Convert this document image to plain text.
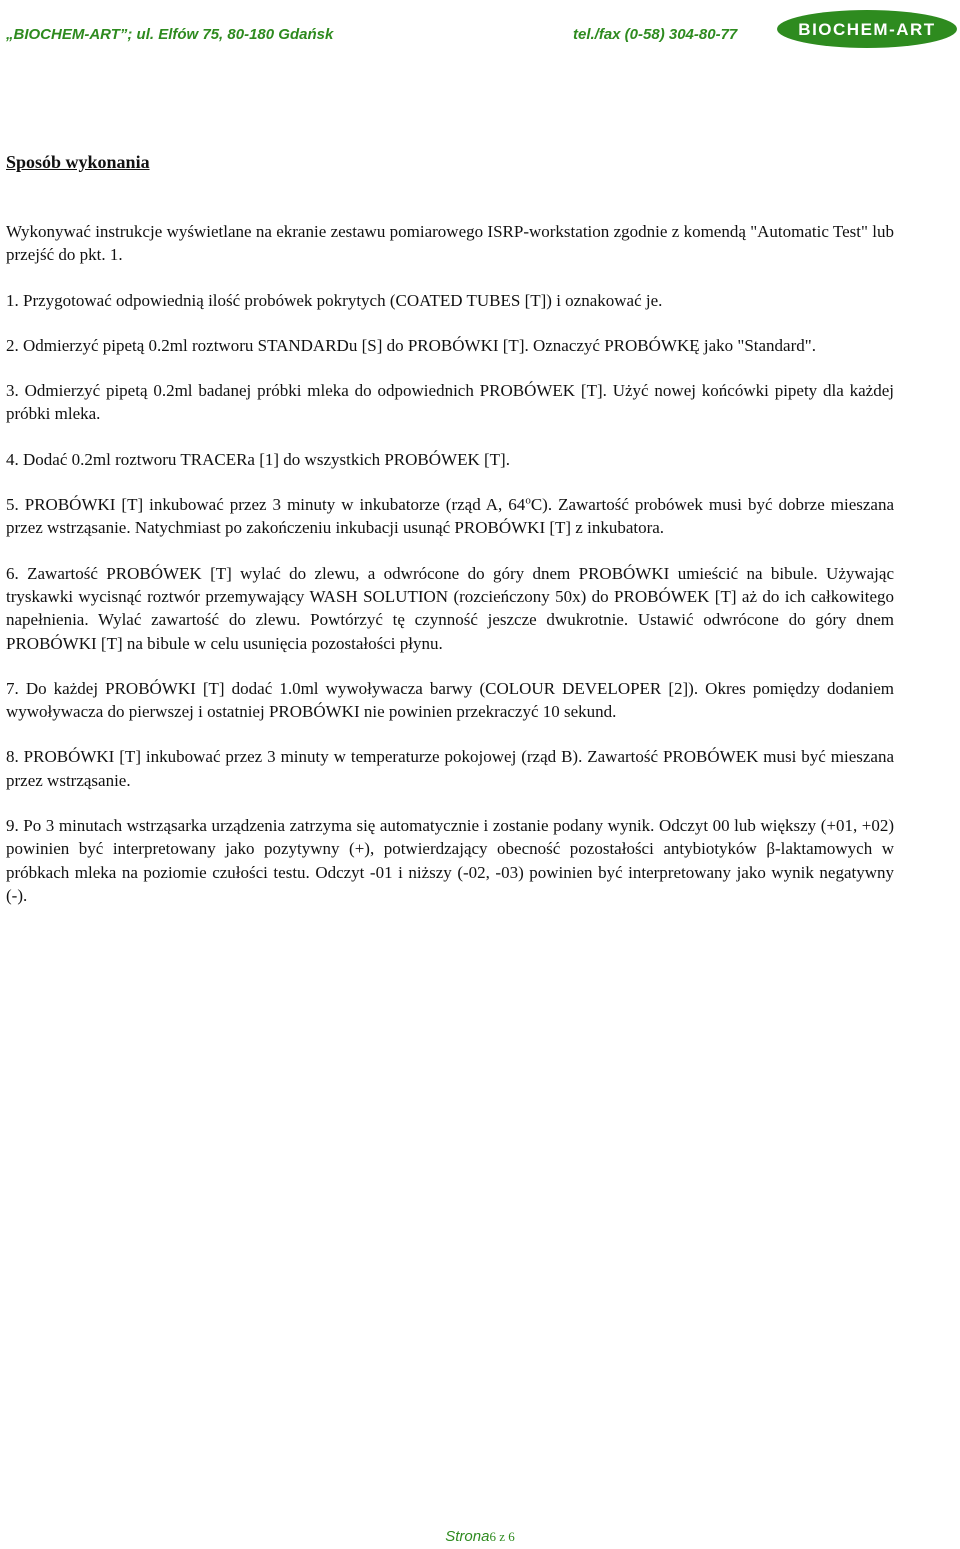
„BIOCHEM-ART”; ul. Elfów 75, 80-180 Gdańsk	tel./fax (0-58) 304-80-77	BIOCHEM-ART
Sposób wykonania

Wykonywać instrukcje wyświetlane na ekranie zestawu pomiarowego ISRP-workstation zgodnie z komendą "Automatic Test" lub przejść do pkt. 1.

1. Przygotować odpowiednią ilość probówek pokrytych (COATED TUBES [T]) i oznakować je.

2. Odmierzyć pipetą 0.2ml roztworu STANDARDu [S] do PROBÓWKI [T]. Oznaczyć PROBÓWKĘ jako "Standard".

3. Odmierzyć pipetą 0.2ml badanej próbki mleka do odpowiednich PROBÓWEK [T]. Użyć nowej końcówki pipety dla każdej próbki mleka.

4. Dodać 0.2ml roztworu TRACERa [1] do wszystkich PROBÓWEK [T].

5. PROBÓWKI [T] inkubować przez 3 minuty w inkubatorze (rząd A, 64$^o$C). Zawartość probówek musi być dobrze mieszana przez wstrząsanie. Natychmiast po zakończeniu inkubacji usunąć PROBÓWKI [T] z inkubatora.

6. Zawartość PROBÓWEK [T] wylać do zlewu, a odwrócone do góry dnem PROBÓWKI umieścić na bibule. Używając tryskawki wycisnąć roztwór przemywający WASH SOLUTION (rozcieńczony 50x) do PROBÓWEK [T] aż do ich całkowitego napełnienia. Wylać zawartość do zlewu. Powtórzyć tę czynność jeszcze dwukrotnie. Ustawić odwrócone do góry dnem PROBÓWKI [T] na bibule w celu usunięcia pozostałości płynu.

7. Do każdej PROBÓWKI [T] dodać 1.0ml wywoływacza barwy (COLOUR DEVELOPER [2]). Okres pomiędzy dodaniem wywoływacza do pierwszej i ostatniej PROBÓWKI nie powinien przekraczyć 10 sekund.

8. PROBÓWKI [T] inkubować przez 3 minuty w temperaturze pokojowej (rząd B). Zawartość PROBÓWEK musi być mieszana przez wstrząsanie.

9. Po 3 minutach wstrząsarka urządzenia zatrzyma się automatycznie i zostanie podany wynik. Odczyt 00 lub większy (+01, +02) powinien być interpretowany jako pozytywny (+), potwierdzający obecność pozostałości antybiotyków β-laktamowych w próbkach mleka na poziomie czułości testu. Odczyt -01 i niższy (-02, -03) powinien być interpretowany jako wynik negatywny (-).

Strona 6 z 6
